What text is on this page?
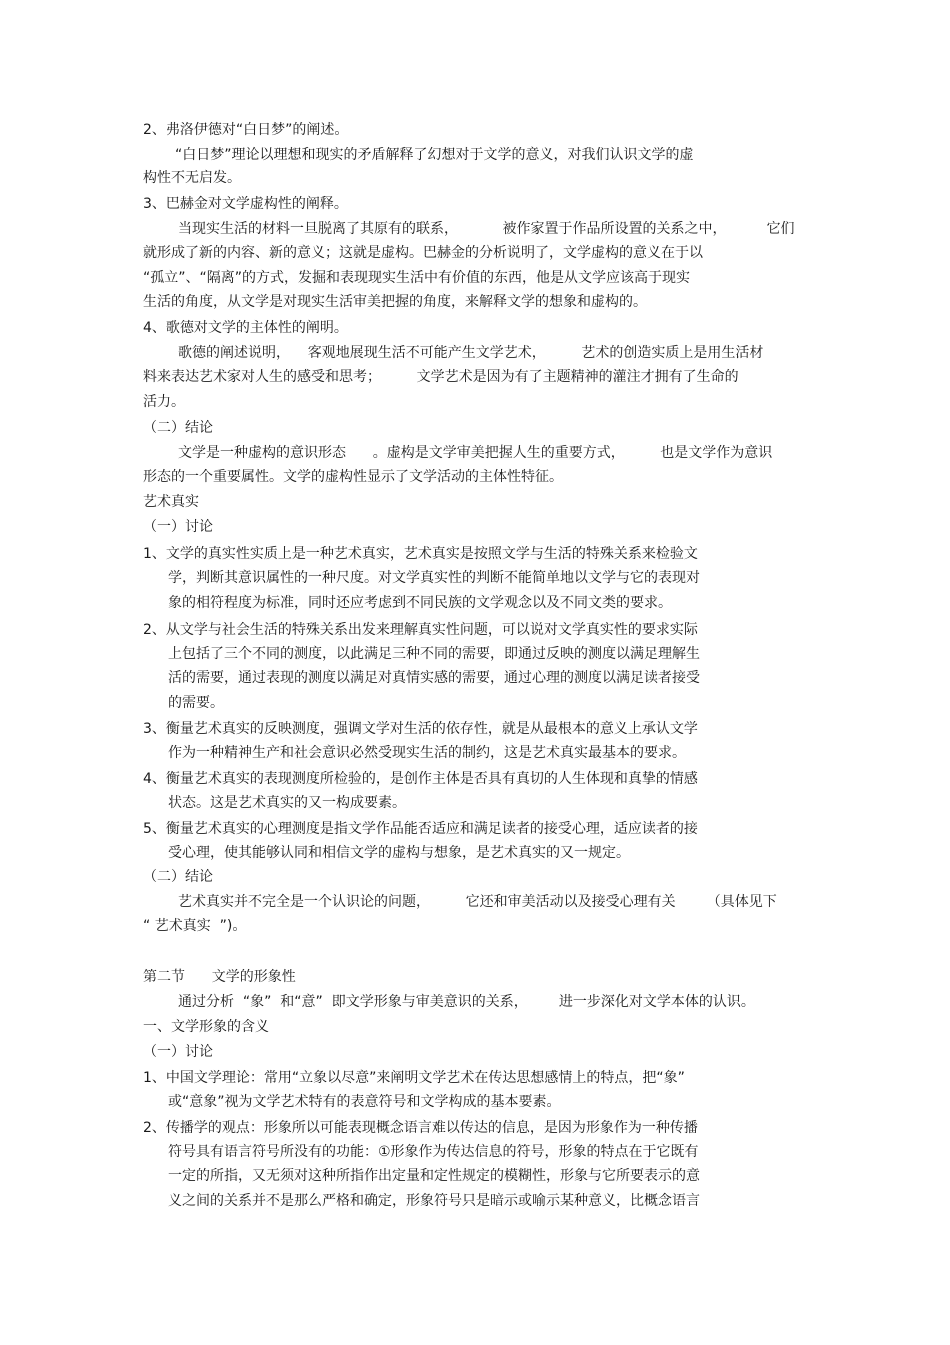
2、弗洛伊德对“白日梦”的阐述。
“白日梦”理论以理想和现实的矛盾解释了幻想对于文学的意义，对我们认识文学的虚
构性不无启发。
3、巴赫金对文学虚构性的阐释。
当现实生活的材料一旦脱离了其原有的联系，          被作家置于作品所设置的关系之中，         它们
就形成了新的内容、新的意义；这就是虚构。巴赫金的分析说明了，文学虚构的意义在于以
“孤立”、“隔离”的方式，发掘和表现现实生活中有价值的东西，他是从文学应该高于现实
生活的角度，从文学是对现实生活审美把握的角度，来解释文学的想象和虚构的。
4、歌德对文学的主体性的阐明。
歌德的阐述说明，    客观地展现生活不可能产生文学艺术，        艺术的创造实质上是用生活材
料来表达艺术家对人生的感受和思考；        文学艺术是因为有了主题精神的灌注才拥有了生命的
活力。
（二）结论
文学是一种虚构的意识形态      。虚构是文学审美把握人生的重要方式，        也是文学作为意识
形态的一个重要属性。文学的虚构性显示了文学活动的主体性特征。
艺术真实
（一）讨论
1、文学的真实性实质上是一种艺术真实，艺术真实是按照文学与生活的特殊关系来检验文
学，判断其意识属性的一种尺度。对文学真实性的判断不能简单地以文学与它的表现对
象的相符程度为标准，同时还应考虑到不同民族的文学观念以及不同文类的要求。
2、从文学与社会生活的特殊关系出发来理解真实性问题，可以说对文学真实性的要求实际
上包括了三个不同的测度，以此满足三种不同的需要，即通过反映的测度以满足理解生
活的需要，通过表现的测度以满足对真情实感的需要，通过心理的测度以满足读者接受
的需要。
3、衡量艺术真实的反映测度，强调文学对生活的依存性，就是从最根本的意义上承认文学
作为一种精神生产和社会意识必然受现实生活的制约，这是艺术真实最基本的要求。
4、衡量艺术真实的表现测度所检验的，是创作主体是否具有真切的人生体现和真挚的情感
状态。这是艺术真实的又一构成要素。
5、衡量艺术真实的心理测度是指文学作品能否适应和满足读者的接受心理，适应读者的接
受心理，使其能够认同和相信文学的虚构与想象，是艺术真实的又一规定。
（二）结论
艺术真实并不完全是一个认识论的问题，        它还和审美活动以及接受心理有关       （具体见下
“ 艺术真实  ”)。
第二节      文学的形象性
通过分析  “象”  和“意”  即文学形象与审美意识的关系，       进一步深化对文学本体的认识。
一、文学形象的含义
（一）讨论
1、中国文学理论：常用“立象以尽意”来阐明文学艺术在传达思想感情上的特点，把“象”
或“意象”视为文学艺术特有的表意符号和文学构成的基本要素。
2、传播学的观点：形象所以可能表现概念语言难以传达的信息，是因为形象作为一种传播
符号具有语言符号所没有的功能：①形象作为传达信息的符号，形象的特点在于它既有
一定的所指，又无须对这种所指作出定量和定性规定的模糊性，形象与它所要表示的意
义之间的关系并不是那么严格和确定，形象符号只是暗示或喻示某种意义，比概念语言
